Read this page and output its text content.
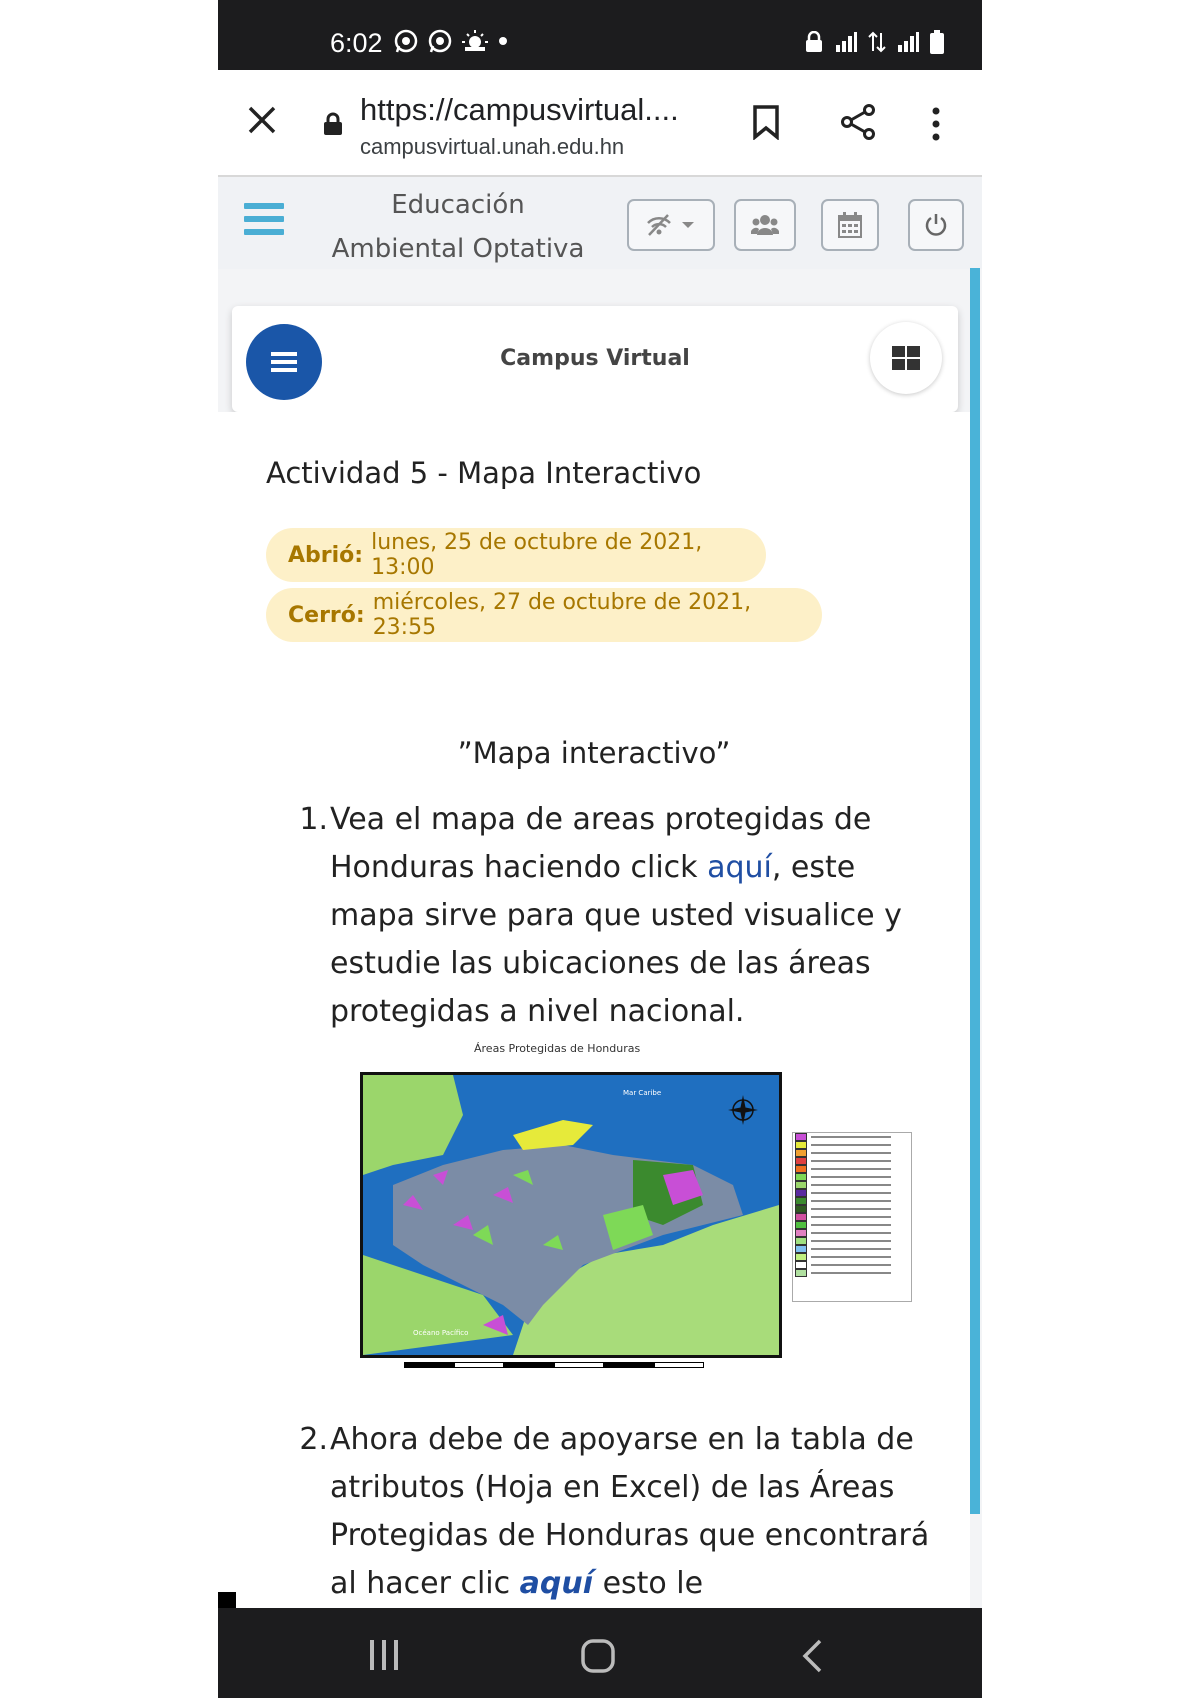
6:02
https://campusvirtual....
campusvirtual.unah.edu.hn
Educación
Ambiental Optativa
Campus Virtual
Actividad 5 - Mapa Interactivo
Abrió: lunes, 25 de octubre de 2021, 13:00
Cerró: miércoles, 27 de octubre de 2021, 23:55
”Mapa interactivo”
1. Vea el mapa de areas protegidas de Honduras haciendo click aquí, este mapa sirve para que usted visualice y estudie las ubicaciones de las áreas protegidas a nivel nacional.
Áreas Protegidas de Honduras
Mar Caribe
Océano Pacífico
2. Ahora debe de apoyarse en la tabla de atributos (Hoja en Excel) de las Áreas Protegidas de Honduras que encontrará al hacer clic aquí esto le
